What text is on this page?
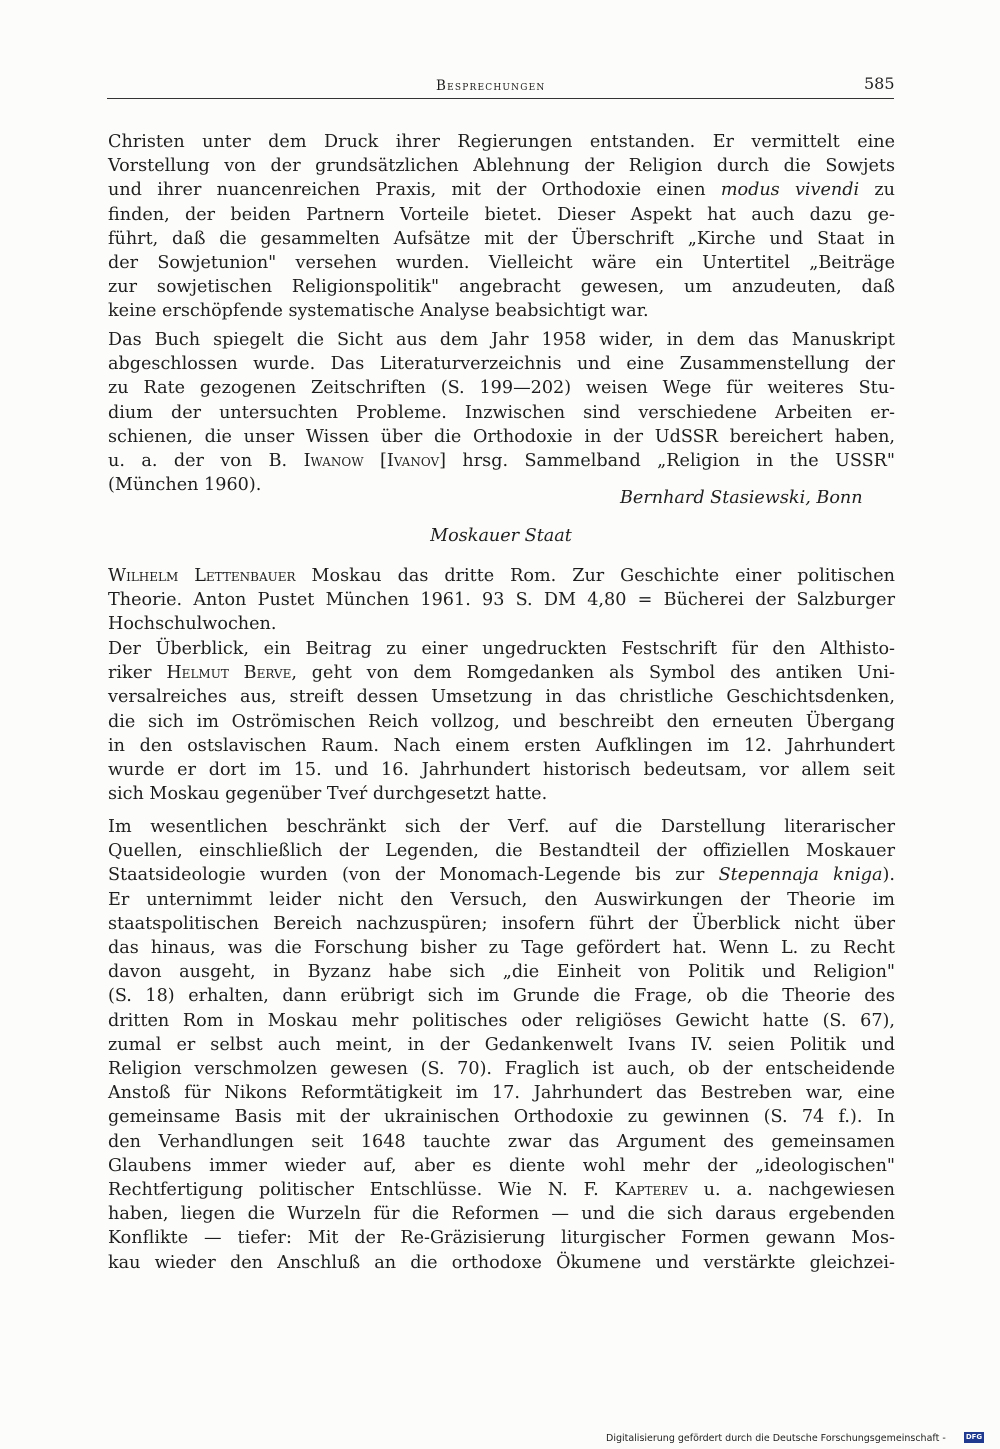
Besprechungen	585
Christen unter dem Druck ihrer Regierungen entstanden. Er vermittelt eine
Vorstellung von der grundsätzlichen Ablehnung der Religion durch die Sowjets
und ihrer nuancenreichen Praxis, mit der Orthodoxie einen modus vivendi zu
finden, der beiden Partnern Vorteile bietet. Dieser Aspekt hat auch dazu ge-
führt, daß die gesammelten Aufsätze mit der Überschrift „Kirche und Staat in
der Sowjetunion" versehen wurden. Vielleicht wäre ein Untertitel „Beiträge
zur sowjetischen Religionspolitik" angebracht gewesen, um anzudeuten, daß
keine erschöpfende systematische Analyse beabsichtigt war.
Das Buch spiegelt die Sicht aus dem Jahr 1958 wider, in dem das Manuskript
abgeschlossen wurde. Das Literaturverzeichnis und eine Zusammenstellung der
zu Rate gezogenen Zeitschriften (S. 199—202) weisen Wege für weiteres Stu-
dium der untersuchten Probleme. Inzwischen sind verschiedene Arbeiten er-
schienen, die unser Wissen über die Orthodoxie in der UdSSR bereichert haben,
u. a. der von B. Iwanow [Ivanov] hrsg. Sammelband „Religion in the USSR"
(München 1960).
Bernhard Stasiewski, Bonn
Moskauer Staat
Wilhelm Lettenbauer Moskau das dritte Rom. Zur Geschichte einer politischen
Theorie. Anton Pustet München 1961. 93 S. DM 4,80 = Bücherei der Salzburger
Hochschulwochen.
Der Überblick, ein Beitrag zu einer ungedruckten Festschrift für den Althisto-
riker Helmut Berve, geht von dem Romgedanken als Symbol des antiken Uni-
versalreiches aus, streift dessen Umsetzung in das christliche Geschichtsdenken,
die sich im Oströmischen Reich vollzog, und beschreibt den erneuten Übergang
in den ostslavischen Raum. Nach einem ersten Aufklingen im 12. Jahrhundert
wurde er dort im 15. und 16. Jahrhundert historisch bedeutsam, vor allem seit
sich Moskau gegenüber Tveŕ durchgesetzt hatte.
Im wesentlichen beschränkt sich der Verf. auf die Darstellung literarischer
Quellen, einschließlich der Legenden, die Bestandteil der offiziellen Moskauer
Staatsideologie wurden (von der Monomach-Legende bis zur Stepennaja kniga).
Er unternimmt leider nicht den Versuch, den Auswirkungen der Theorie im
staatspolitischen Bereich nachzuspüren; insofern führt der Überblick nicht über
das hinaus, was die Forschung bisher zu Tage gefördert hat. Wenn L. zu Recht
davon ausgeht, in Byzanz habe sich „die Einheit von Politik und Religion"
(S. 18) erhalten, dann erübrigt sich im Grunde die Frage, ob die Theorie des
dritten Rom in Moskau mehr politisches oder religiöses Gewicht hatte (S. 67),
zumal er selbst auch meint, in der Gedankenwelt Ivans IV. seien Politik und
Religion verschmolzen gewesen (S. 70). Fraglich ist auch, ob der entscheidende
Anstoß für Nikons Reformtätigkeit im 17. Jahrhundert das Bestreben war, eine
gemeinsame Basis mit der ukrainischen Orthodoxie zu gewinnen (S. 74 f.). In
den Verhandlungen seit 1648 tauchte zwar das Argument des gemeinsamen
Glaubens immer wieder auf, aber es diente wohl mehr der „ideologischen"
Rechtfertigung politischer Entschlüsse. Wie N. F. Kapterev u. a. nachgewiesen
haben, liegen die Wurzeln für die Reformen — und die sich daraus ergebenden
Konflikte — tiefer: Mit der Re-Gräzisierung liturgischer Formen gewann Mos-
kau wieder den Anschluß an die orthodoxe Ökumene und verstärkte gleichzei-
Digitalisierung gefördert durch die Deutsche Forschungsgemeinschaft -	DFG
